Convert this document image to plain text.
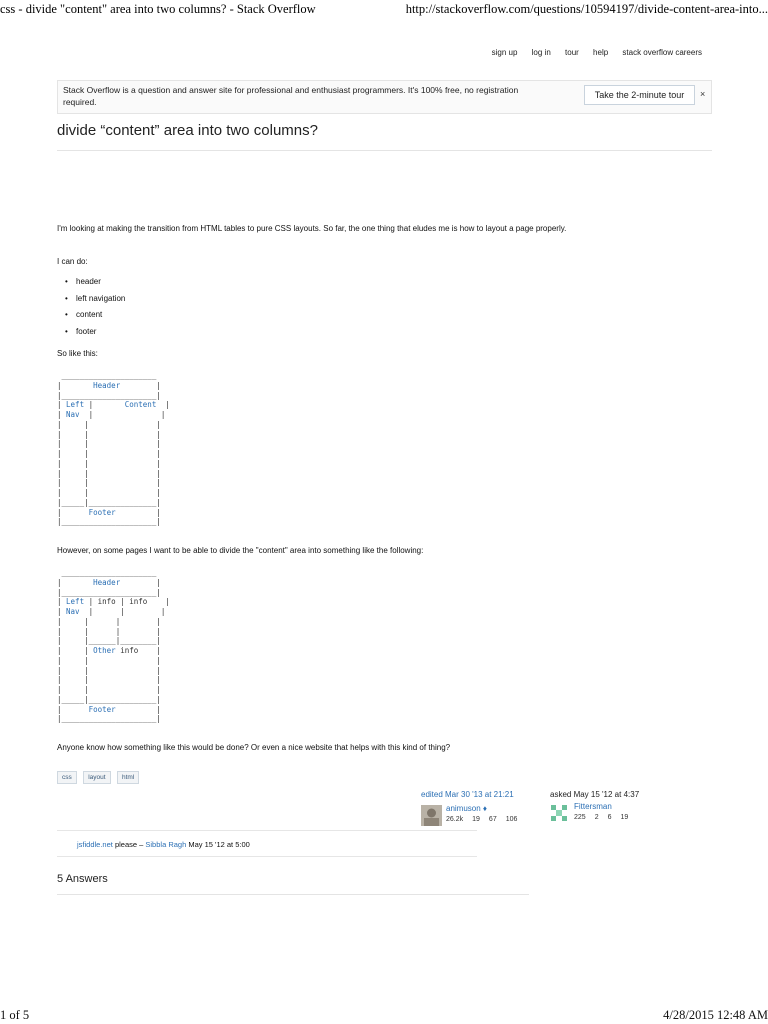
css - divide "content" area into two columns? - Stack Overflow	http://stackoverflow.com/questions/10594197/divide-content-area-into...
sign up log in tour help stack overflow careers
Stack Overflow is a question and answer site for professional and enthusiast programmers. It's 100% free, no registration required.
Take the 2-minute tour	×
divide “content” area into two columns?

I'm looking at making the transition from HTML tables to pure CSS layouts. So far, the one thing that eludes me is how to layout a page properly.

I can do:

• header
• left navigation
• content
• footer

So like this:

_____________________
|	Header	|
|_____________________|
| Left |       Content  |
| Nav  |               |
|     |               |
|     |               |
|     |               |
|     |               |
|     |               |
|     |               |
|     |               |
|     |               |
|_____|_______________|
|	Footer	|
|_____________________|

However, on some pages I want to be able to divide the "content" area into something like the following:

_____________________
|	Header	|
|_____________________|
| Left | info | info    |
| Nav  |      |        |
|     |      |        |
|     |      |        |
|     |______|________|
|     | Other info    |
|     |               |
|     |               |
|     |               |
|     |               |
|_____|_______________|
|	Footer	|
|_____________________|

Anyone know how something like this would be done? Or even a nice website that helps with this kind of thing?

css	layout	html
edited Mar 30 '13 at 21:21
animuson ♦
26.2k 19 67 106
asked May 15 '12 at 4:37
Fittersman
225 2 6 19
jsfiddle.net please – Sibbla Ragh May 15 '12 at 5:00
5 Answers
1 of 5	4/28/2015 12:48 AM
